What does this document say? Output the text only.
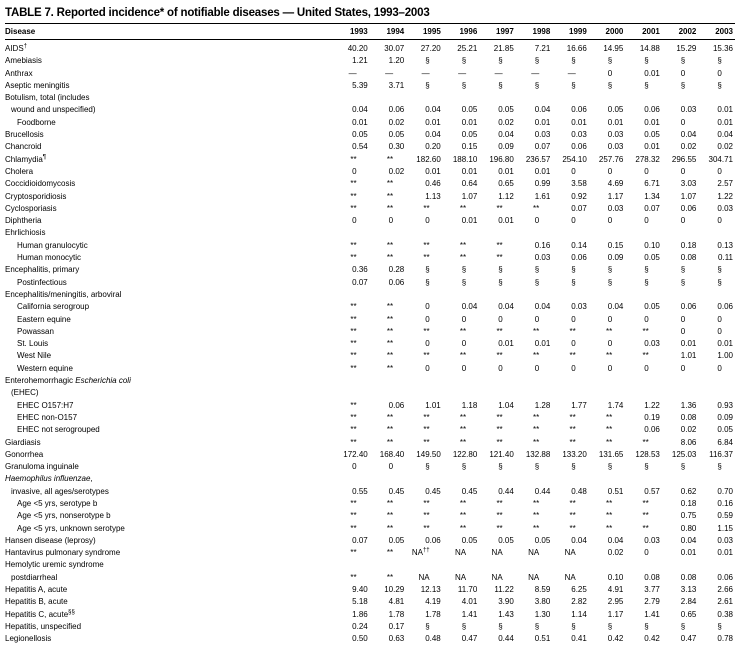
TABLE 7. Reported incidence* of notifiable diseases — United States, 1993–2003
Disease	1993	1994	1995	1996	1997	1998	1999	2000	2001	2002	2003
AIDS†	40.20	30.07	27.20	25.21	21.85	7.21	16.66	14.95	14.88	15.29	15.36
Amebiasis	1.21	1.20	§	§	§	§	§	§	§	§	§
Anthrax	—	—	—	—	—	—	—	0	0.01	0	0
Aseptic meningitis	5.39	3.71	§	§	§	§	§	§	§	§	§
Botulism, total (includes											
wound and unspecified)	0.04	0.06	0.04	0.05	0.05	0.04	0.06	0.05	0.06	0.03	0.01
Foodborne	0.01	0.02	0.01	0.01	0.02	0.01	0.01	0.01	0.01	0	0.01
Brucellosis	0.05	0.05	0.04	0.05	0.04	0.03	0.03	0.03	0.05	0.04	0.04
Chancroid	0.54	0.30	0.20	0.15	0.09	0.07	0.06	0.03	0.01	0.02	0.02
Chlamydia¶	**	**	182.60	188.10	196.80	236.57	254.10	257.76	278.32	296.55	304.71
Cholera	0	0.02	0.01	0.01	0.01	0.01	0	0	0	0	0
Coccidioidomycosis	**	**	0.46	0.64	0.65	0.99	3.58	4.69	6.71	3.03	2.57
Cryptosporidiosis	**	**	1.13	1.07	1.12	1.61	0.92	1.17	1.34	1.07	1.22
Cyclosporiasis	**	**	**	**	**	**	0.07	0.03	0.07	0.06	0.03
Diphtheria	0	0	0	0.01	0.01	0	0	0	0	0	0
Ehrlichiosis											
Human granulocytic	**	**	**	**	**	0.16	0.14	0.15	0.10	0.18	0.13
Human monocytic	**	**	**	**	**	0.03	0.06	0.09	0.05	0.08	0.11
Encephalitis, primary	0.36	0.28	§	§	§	§	§	§	§	§	§
Postinfectious	0.07	0.06	§	§	§	§	§	§	§	§	§
Encephalitis/meningitis, arboviral											
California serogroup	**	**	0	0.04	0.04	0.04	0.03	0.04	0.05	0.06	0.06
Eastern equine	**	**	0	0	0	0	0	0	0	0	0
Powassan	**	**	**	**	**	**	**	**	**	0	0
St. Louis	**	**	0	0	0.01	0.01	0	0	0.03	0.01	0.01
West Nile	**	**	**	**	**	**	**	**	**	1.01	1.00
Western equine	**	**	0	0	0	0	0	0	0	0	0
Enterohemorrhagic Escherichia coli											
(EHEC)											
EHEC O157:H7	**	0.06	1.01	1.18	1.04	1.28	1.77	1.74	1.22	1.36	0.93
EHEC non-O157	**	**	**	**	**	**	**	**	0.19	0.08	0.09
EHEC not serogrouped	**	**	**	**	**	**	**	**	0.06	0.02	0.05
Giardiasis	**	**	**	**	**	**	**	**	**	8.06	6.84
Gonorrhea	172.40	168.40	149.50	122.80	121.40	132.88	133.20	131.65	128.53	125.03	116.37
Granuloma inguinale	0	0	§	§	§	§	§	§	§	§	§
Haemophilus influenzae,											
invasive, all ages/serotypes	0.55	0.45	0.45	0.45	0.44	0.44	0.48	0.51	0.57	0.62	0.70
Age <5 yrs, serotype b	**	**	**	**	**	**	**	**	**	0.18	0.16
Age <5 yrs, nonserotype b	**	**	**	**	**	**	**	**	**	0.75	0.59
Age <5 yrs, unknown serotype	**	**	**	**	**	**	**	**	**	0.80	1.15
Hansen disease (leprosy)	0.07	0.05	0.06	0.05	0.05	0.05	0.04	0.04	0.03	0.04	0.03
Hantavirus pulmonary syndrome	**	**	NA††	NA	NA	NA	NA	0.02	0	0.01	0.01
Hemolytic uremic syndrome											
postdiarrheal	**	**	NA	NA	NA	NA	NA	0.10	0.08	0.08	0.06
Hepatitis A, acute	9.40	10.29	12.13	11.70	11.22	8.59	6.25	4.91	3.77	3.13	2.66
Hepatitis B, acute	5.18	4.81	4.19	4.01	3.90	3.80	2.82	2.95	2.79	2.84	2.61
Hepatitis C, acute§§	1.86	1.78	1.78	1.41	1.43	1.30	1.14	1.17	1.41	0.65	0.38
Hepatitis, unspecified	0.24	0.17	§	§	§	§	§	§	§	§	§
Legionellosis	0.50	0.63	0.48	0.47	0.44	0.51	0.41	0.42	0.42	0.47	0.78
